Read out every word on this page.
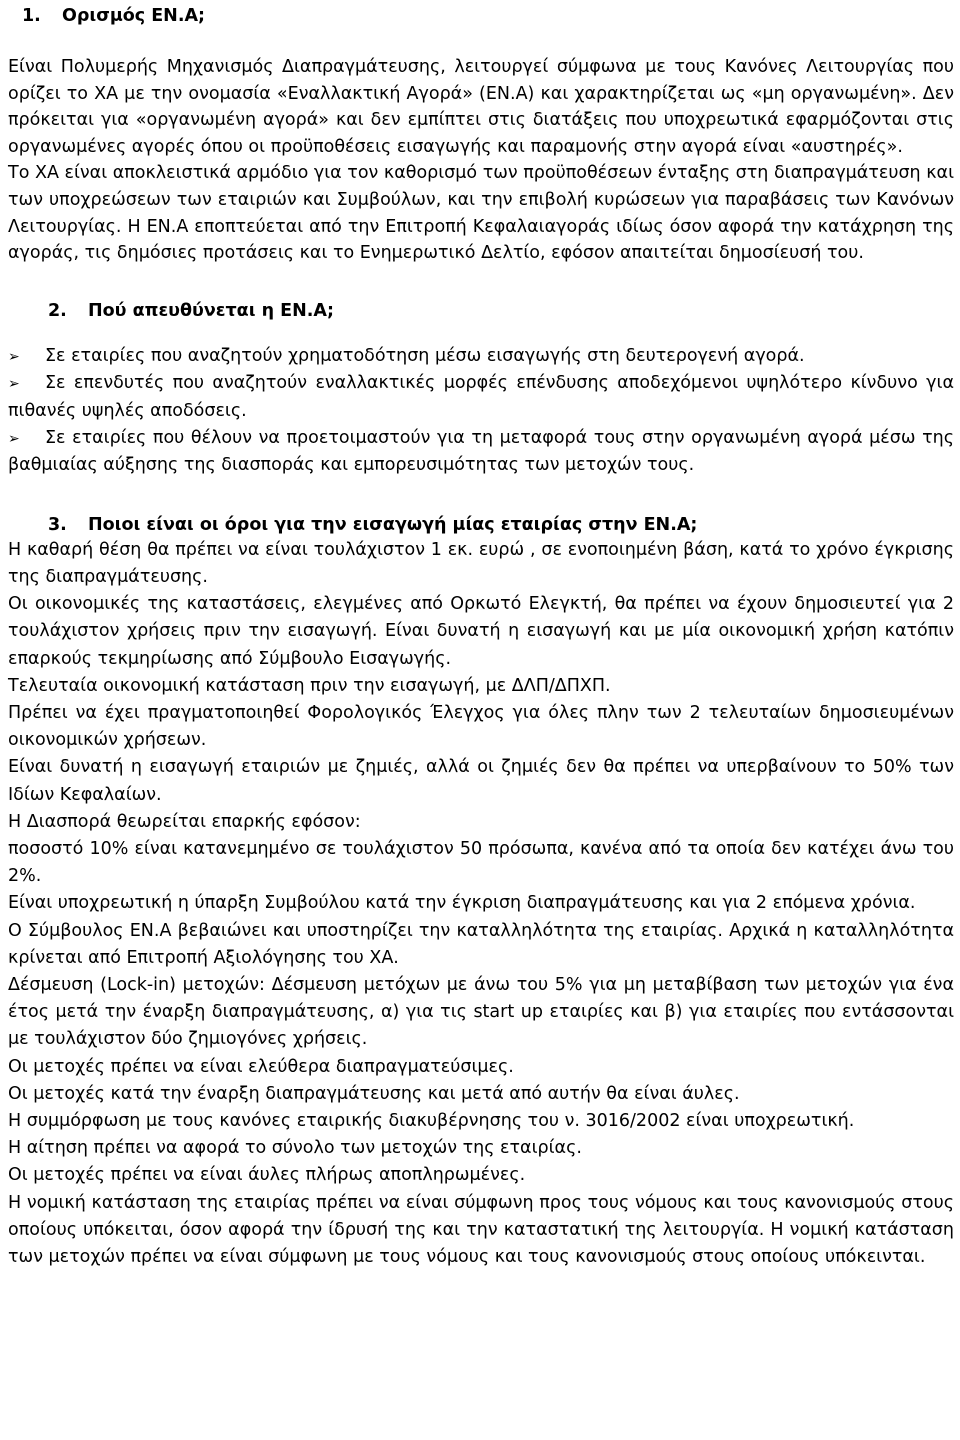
1. Ορισμός ΕΝ.Α;

Είναι Πολυμερής Μηχανισμός Διαπραγμάτευσης, λειτουργεί σύμφωνα με τους Κανόνες Λειτουργίας που ορίζει το ΧΑ με την ονομασία «Εναλλακτική Αγορά» (ΕΝ.Α) και χαρακτηρίζεται ως «μη οργανωμένη». Δεν πρόκειται για «οργανωμένη αγορά» και δεν εμπίπτει στις διατάξεις που υποχρεωτικά εφαρμόζονται στις οργανωμένες αγορές όπου οι προϋποθέσεις εισαγωγής και παραμονής στην αγορά είναι «αυστηρές».

Το ΧΑ είναι αποκλειστικά αρμόδιο για τον καθορισμό των προϋποθέσεων ένταξης στη διαπραγμάτευση και των υποχρεώσεων των εταιριών και Συμβούλων, και την επιβολή κυρώσεων για παραβάσεις των Κανόνων Λειτουργίας. Η ΕΝ.Α εποπτεύεται από την Επιτροπή Κεφαλαιαγοράς ιδίως όσον αφορά την κατάχρηση της αγοράς, τις δημόσιες προτάσεις και το Ενημερωτικό Δελτίο, εφόσον απαιτείται δημοσίευσή του.

2. Πού απευθύνεται η ΕΝ.Α;

➢ Σε εταιρίες που αναζητούν χρηματοδότηση μέσω εισαγωγής στη δευτερογενή αγορά.

➢ Σε επενδυτές που αναζητούν εναλλακτικές μορφές επένδυσης αποδεχόμενοι υψηλότερο κίνδυνο για πιθανές υψηλές αποδόσεις.

➢ Σε εταιρίες που θέλουν να προετοιμαστούν για τη μεταφορά τους στην οργανωμένη αγορά μέσω της βαθμιαίας αύξησης της διασποράς και εμπορευσιμότητας των μετοχών τους.

3. Ποιοι είναι οι όροι για την εισαγωγή μίας εταιρίας στην ΕΝ.Α;

Η καθαρή θέση θα πρέπει να είναι τουλάχιστον 1 εκ. ευρώ , σε ενοποιημένη βάση, κατά το χρόνο έγκρισης της διαπραγμάτευσης.

Οι οικονομικές της καταστάσεις, ελεγμένες από Ορκωτό Ελεγκτή, θα πρέπει να έχουν δημοσιευτεί για 2 τουλάχιστον χρήσεις πριν την εισαγωγή. Είναι δυνατή η εισαγωγή και με μία οικονομική χρήση κατόπιν επαρκούς τεκμηρίωσης από Σύμβουλο Εισαγωγής.

Τελευταία οικονομική κατάσταση πριν την εισαγωγή, με ΔΛΠ/ΔΠΧΠ.

Πρέπει να έχει πραγματοποιηθεί Φορολογικός Έλεγχος για όλες πλην των 2 τελευταίων δημοσιευμένων οικονομικών χρήσεων.

Είναι δυνατή η εισαγωγή εταιριών με ζημιές, αλλά οι ζημιές δεν θα πρέπει να υπερβαίνουν το 50% των Ιδίων Κεφαλαίων.

Η Διασπορά θεωρείται επαρκής εφόσον:

ποσοστό 10% είναι κατανεμημένο σε τουλάχιστον 50 πρόσωπα, κανένα από τα οποία δεν κατέχει άνω του 2%.

Είναι υποχρεωτική η ύπαρξη Συμβούλου κατά την έγκριση διαπραγμάτευσης και για 2 επόμενα χρόνια.

Ο Σύμβουλος ΕΝ.Α βεβαιώνει και υποστηρίζει την καταλληλότητα της εταιρίας. Αρχικά η καταλληλότητα κρίνεται από Επιτροπή Αξιολόγησης του ΧΑ.

Δέσμευση (Lock-in) μετοχών: Δέσμευση μετόχων με άνω του 5% για μη μεταβίβαση των μετοχών για ένα έτος μετά την έναρξη διαπραγμάτευσης, α) για τις start up εταιρίες και β) για εταιρίες που εντάσσονται με τουλάχιστον δύο ζημιογόνες χρήσεις.

Οι μετοχές πρέπει να είναι ελεύθερα διαπραγματεύσιμες.

Οι μετοχές κατά την έναρξη διαπραγμάτευσης και μετά από αυτήν θα είναι άυλες.

Η συμμόρφωση με τους κανόνες εταιρικής διακυβέρνησης του ν. 3016/2002 είναι υποχρεωτική.

Η αίτηση πρέπει να αφορά το σύνολο των μετοχών της εταιρίας.

Οι μετοχές πρέπει να είναι άυλες πλήρως αποπληρωμένες.

Η νομική κατάσταση της εταιρίας πρέπει να είναι σύμφωνη προς τους νόμους και τους κανονισμούς στους οποίους υπόκειται, όσον αφορά την ίδρυσή της και την καταστατική της λειτουργία. Η νομική κατάσταση των μετοχών πρέπει να είναι σύμφωνη με τους νόμους και τους κανονισμούς στους οποίους υπόκεινται.
